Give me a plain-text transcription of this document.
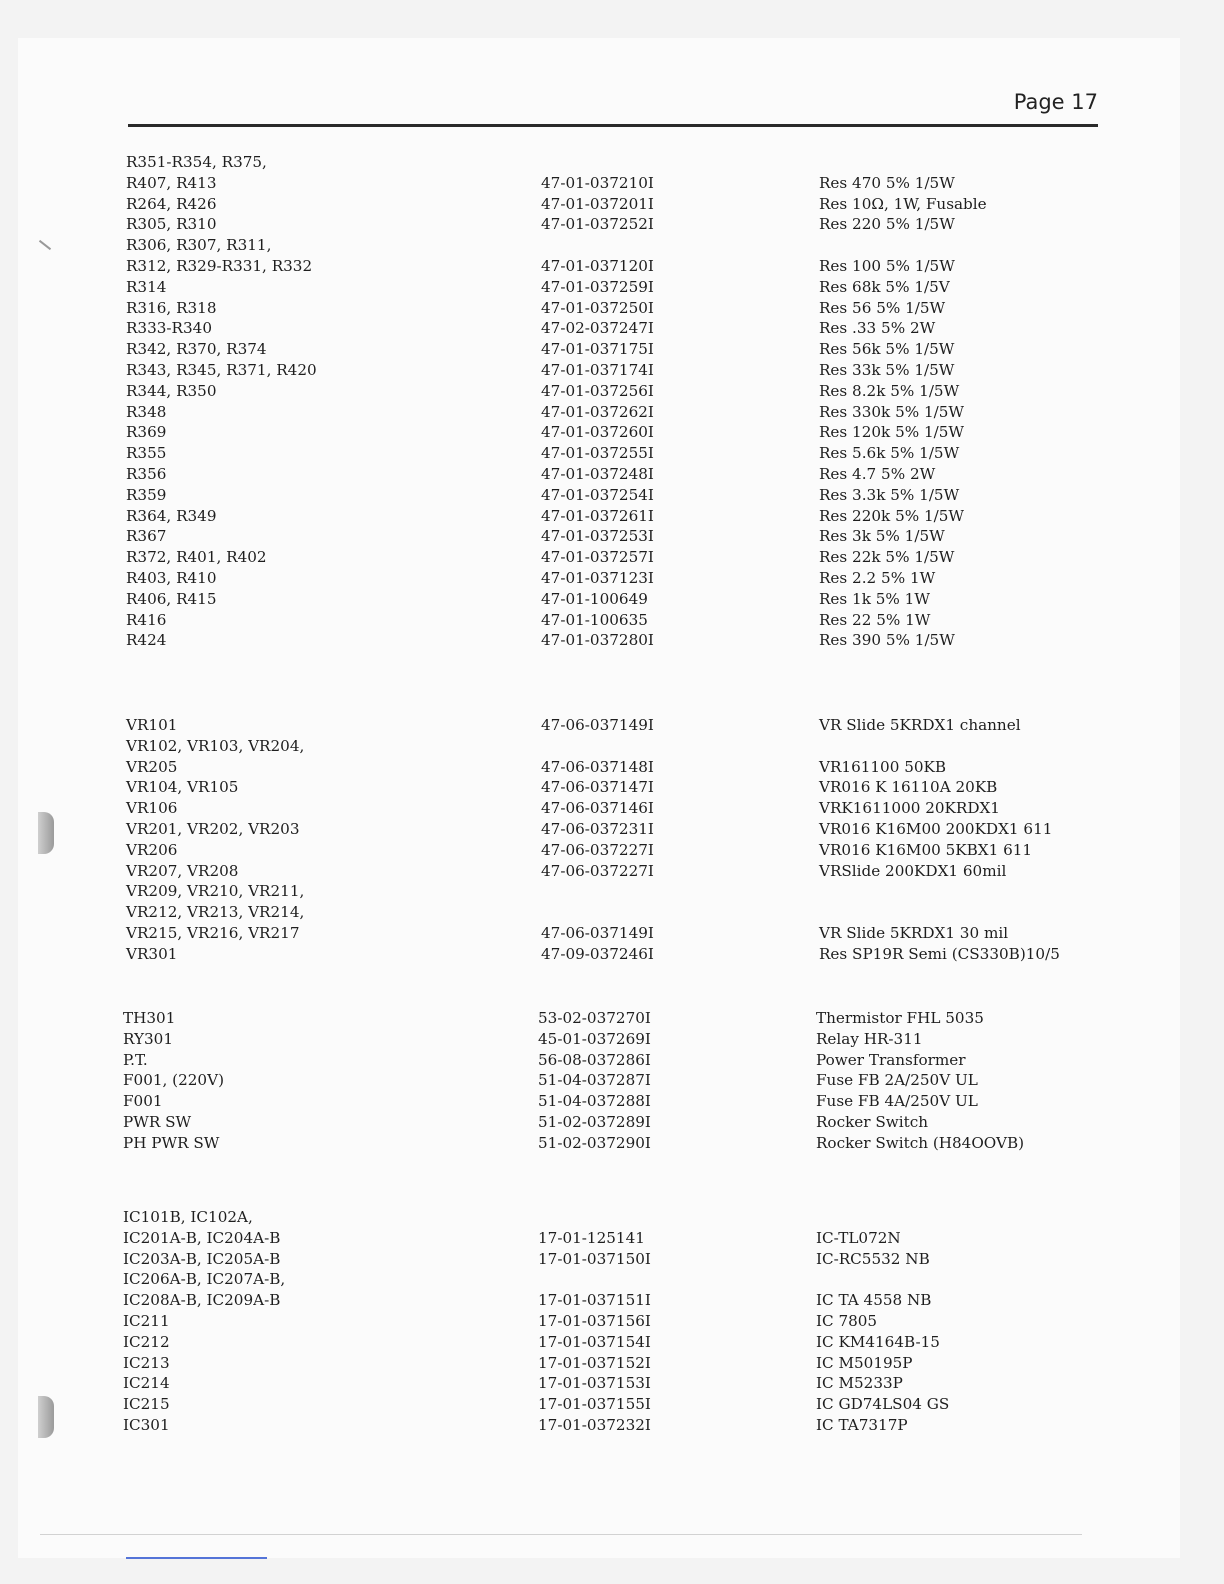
Page 17
R351-R354, R375,
R407, R413	47-01-037210I	Res 470 5% 1/5W
R264, R426	47-01-037201I	Res 10Ω, 1W, Fusable
R305, R310	47-01-037252I	Res 220 5% 1/5W
R306, R307, R311,
R312, R329-R331, R332	47-01-037120I	Res 100 5% 1/5W
R314	47-01-037259I	Res 68k 5% 1/5V
R316, R318	47-01-037250I	Res 56 5% 1/5W
R333-R340	47-02-037247I	Res .33 5% 2W
R342, R370, R374	47-01-037175I	Res 56k 5% 1/5W
R343, R345, R371, R420	47-01-037174I	Res 33k 5% 1/5W
R344, R350	47-01-037256I	Res 8.2k 5% 1/5W
R348	47-01-037262I	Res 330k 5% 1/5W
R369	47-01-037260I	Res 120k 5% 1/5W
R355	47-01-037255I	Res 5.6k 5% 1/5W
R356	47-01-037248I	Res 4.7 5% 2W
R359	47-01-037254I	Res 3.3k 5% 1/5W
R364, R349	47-01-037261I	Res 220k 5% 1/5W
R367	47-01-037253I	Res 3k 5% 1/5W
R372, R401, R402	47-01-037257I	Res 22k 5% 1/5W
R403, R410	47-01-037123I	Res 2.2 5% 1W
R406, R415	47-01-100649	Res 1k 5% 1W
R416	47-01-100635	Res 22 5% 1W
R424	47-01-037280I	Res 390 5% 1/5W
VR101	47-06-037149I	VR Slide 5KRDX1 channel
VR102, VR103, VR204,
VR205	47-06-037148I	VR161100 50KB
VR104, VR105	47-06-037147I	VR016 K 16110A 20KB
VR106	47-06-037146I	VRK1611000 20KRDX1
VR201, VR202, VR203	47-06-037231I	VR016 K16M00 200KDX1 611
VR206	47-06-037227I	VR016 K16M00 5KBX1 611
VR207, VR208	47-06-037227I	VRSlide 200KDX1 60mil
VR209, VR210, VR211,
VR212, VR213, VR214,
VR215, VR216, VR217	47-06-037149I	VR Slide 5KRDX1 30 mil
VR301	47-09-037246I	Res SP19R Semi (CS330B)10/5
TH301	53-02-037270I	Thermistor FHL 5035
RY301	45-01-037269I	Relay HR-311
P.T.	56-08-037286I	Power Transformer
F001, (220V)	51-04-037287I	Fuse FB 2A/250V UL
F001	51-04-037288I	Fuse FB 4A/250V UL
PWR SW	51-02-037289I	Rocker Switch
PH PWR SW	51-02-037290I	Rocker Switch (H84OOVB)
IC101B, IC102A,
IC201A-B, IC204A-B	17-01-125141	IC-TL072N
IC203A-B, IC205A-B	17-01-037150I	IC-RC5532 NB
IC206A-B, IC207A-B,
IC208A-B, IC209A-B	17-01-037151I	IC TA 4558 NB
IC211	17-01-037156I	IC 7805
IC212	17-01-037154I	IC KM4164B-15
IC213	17-01-037152I	IC M50195P
IC214	17-01-037153I	IC M5233P
IC215	17-01-037155I	IC GD74LS04 GS
IC301	17-01-037232I	IC TA7317P
